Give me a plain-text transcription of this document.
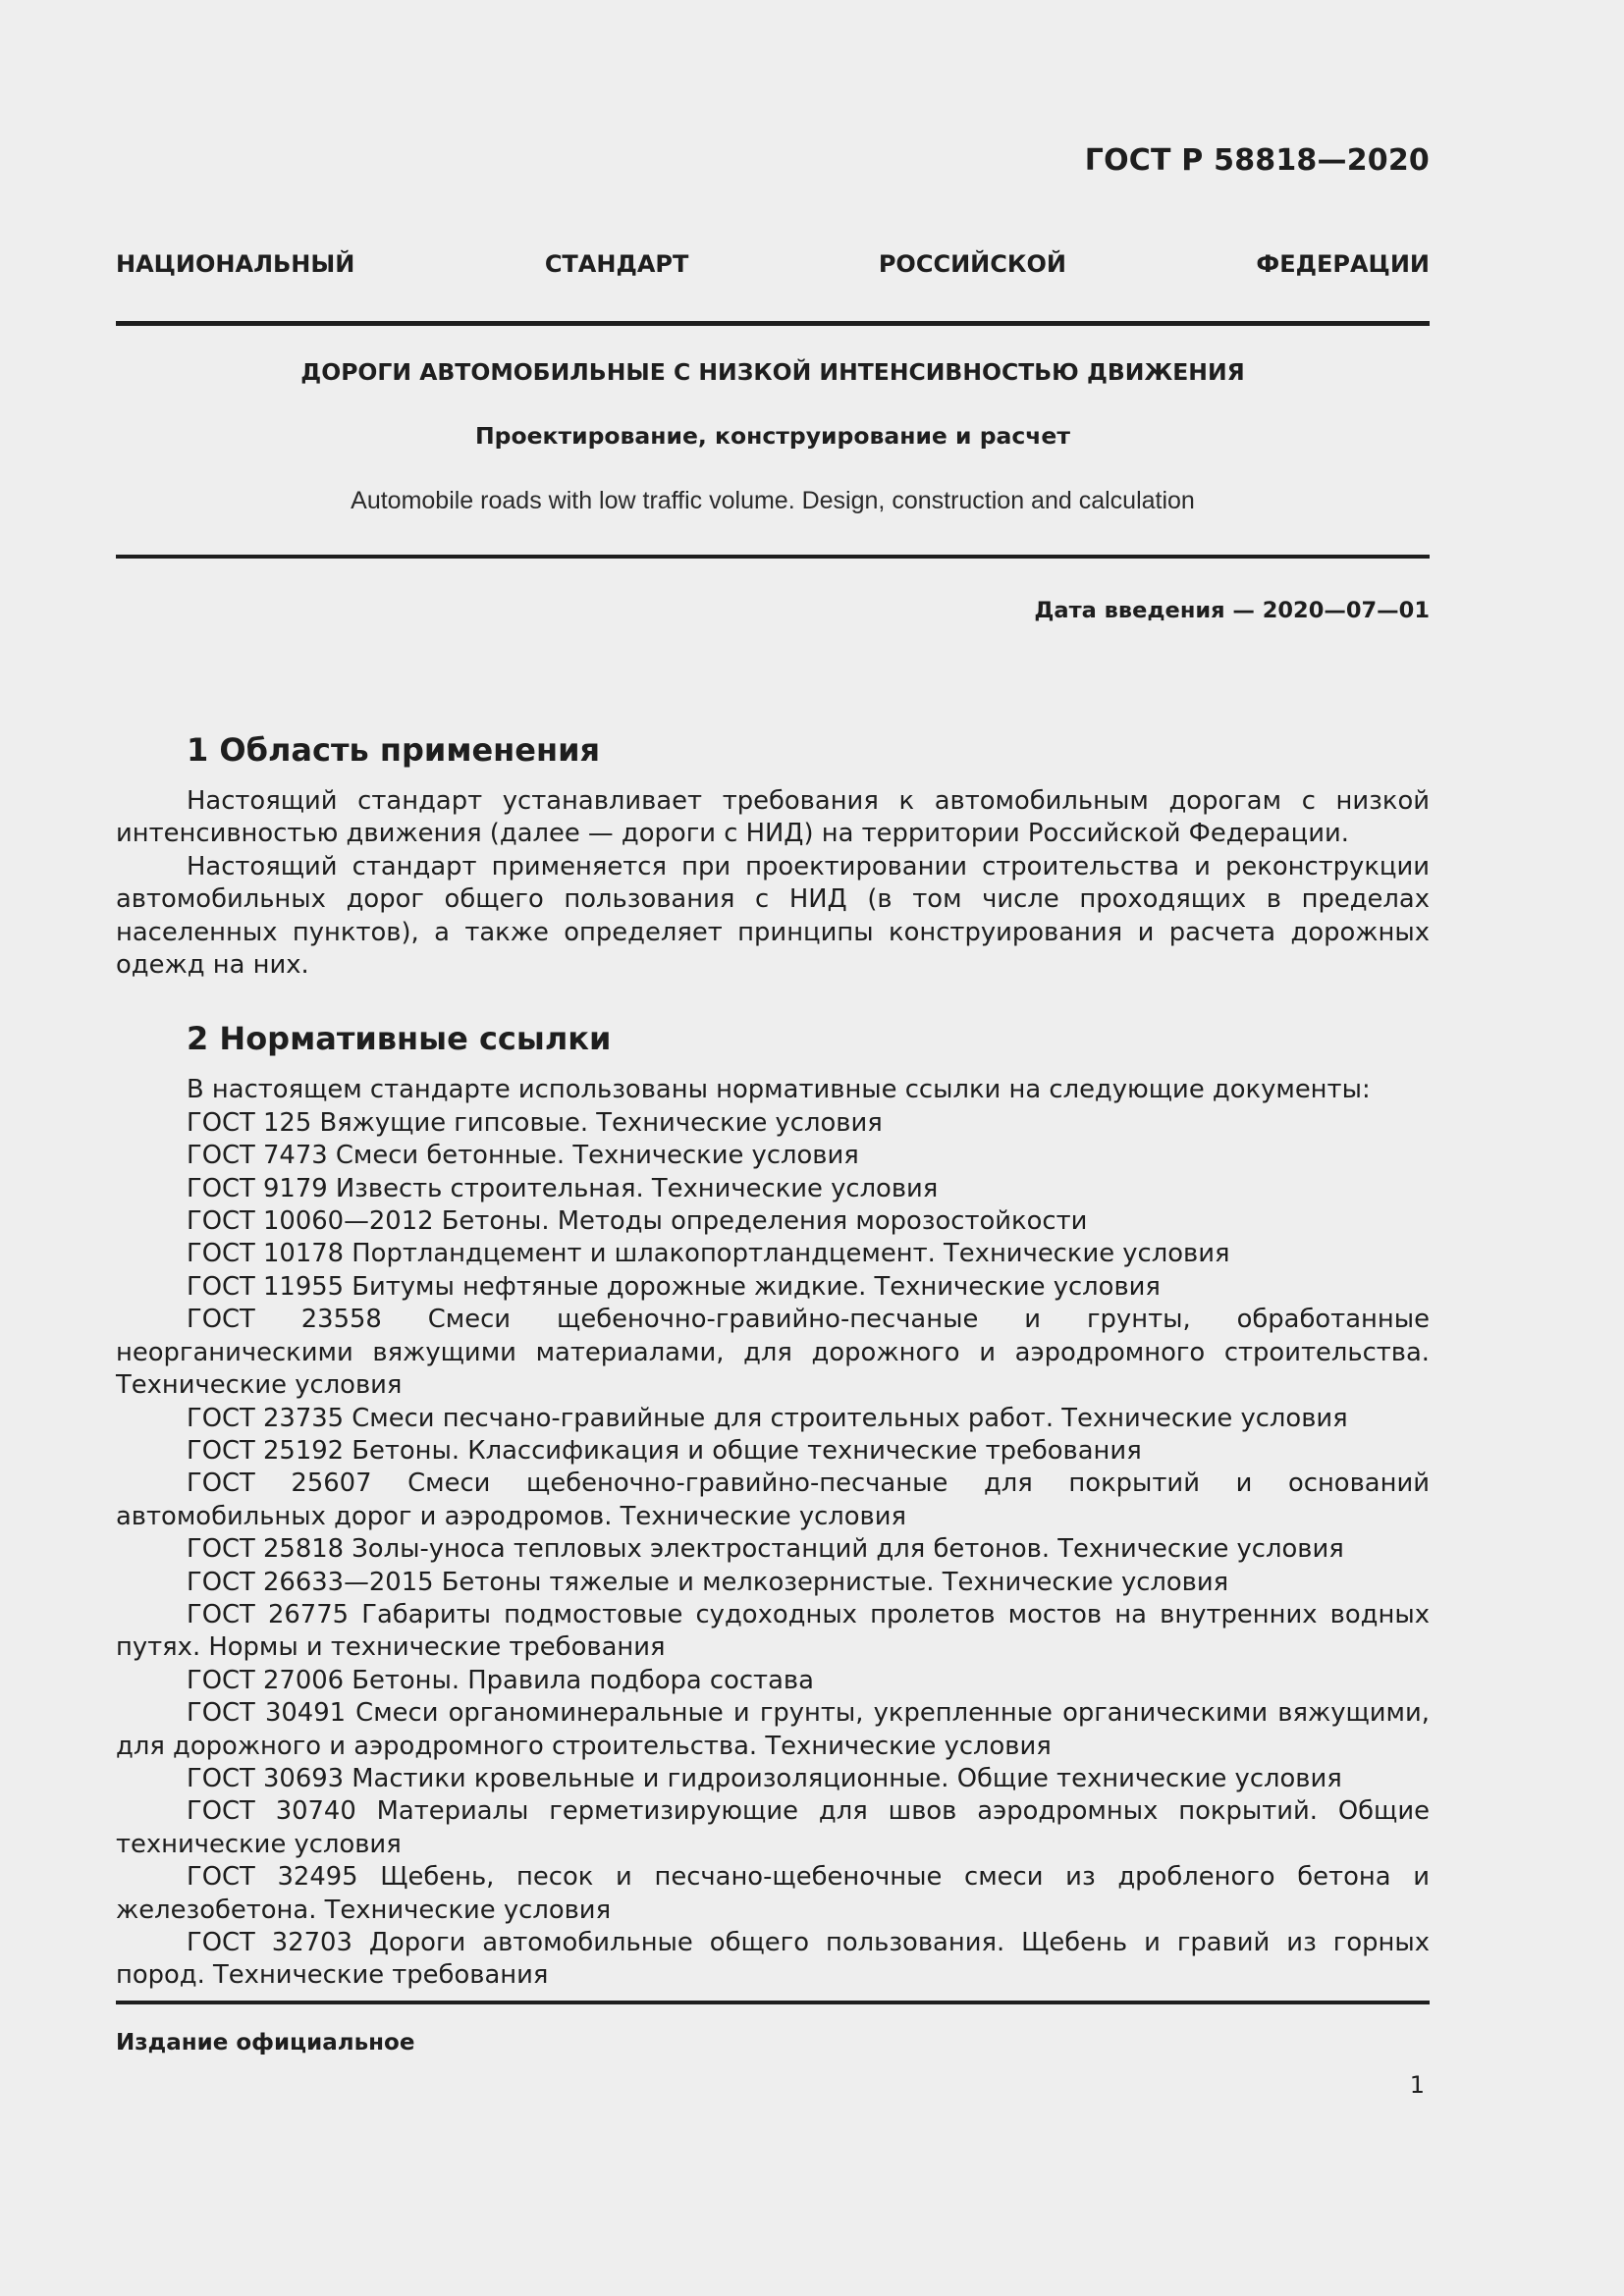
ГОСТ Р 58818—2020

НАЦИОНАЛЬНЫЙ СТАНДАРТ РОССИЙСКОЙ ФЕДЕРАЦИИ

ДОРОГИ АВТОМОБИЛЬНЫЕ С НИЗКОЙ ИНТЕНСИВНОСТЬЮ ДВИЖЕНИЯ

Проектирование, конструирование и расчет

Automobile roads with low traffic volume. Design, construction and calculation

Дата введения — 2020—07—01

1 Область применения

Настоящий стандарт устанавливает требования к автомобильным дорогам с низкой интенсивностью движения (далее — дороги с НИД) на территории Российской Федерации.

Настоящий стандарт применяется при проектировании строительства и реконструкции автомобильных дорог общего пользования с НИД (в том числе проходящих в пределах населенных пунктов), а также определяет принципы конструирования и расчета дорожных одежд на них.

2 Нормативные ссылки

В настоящем стандарте использованы нормативные ссылки на следующие документы:

ГОСТ 125 Вяжущие гипсовые. Технические условия

ГОСТ 7473 Смеси бетонные. Технические условия

ГОСТ 9179 Известь строительная. Технические условия

ГОСТ 10060—2012 Бетоны. Методы определения морозостойкости

ГОСТ 10178 Портландцемент и шлакопортландцемент. Технические условия

ГОСТ 11955 Битумы нефтяные дорожные жидкие. Технические условия

ГОСТ 23558 Смеси щебеночно-гравийно-песчаные и грунты, обработанные неорганическими вяжущими материалами, для дорожного и аэродромного строительства. Технические условия

ГОСТ 23735 Смеси песчано-гравийные для строительных работ. Технические условия

ГОСТ 25192 Бетоны. Классификация и общие технические требования

ГОСТ 25607 Смеси щебеночно-гравийно-песчаные для покрытий и оснований автомобильных дорог и аэродромов. Технические условия

ГОСТ 25818 Золы-уноса тепловых электростанций для бетонов. Технические условия

ГОСТ 26633—2015 Бетоны тяжелые и мелкозернистые. Технические условия

ГОСТ 26775 Габариты подмостовые судоходных пролетов мостов на внутренних водных путях. Нормы и технические требования

ГОСТ 27006 Бетоны. Правила подбора состава

ГОСТ 30491 Смеси органоминеральные и грунты, укрепленные органическими вяжущими, для дорожного и аэродромного строительства. Технические условия

ГОСТ 30693 Мастики кровельные и гидроизоляционные. Общие технические условия

ГОСТ 30740 Материалы герметизирующие для швов аэродромных покрытий. Общие технические условия

ГОСТ 32495 Щебень, песок и песчано-щебеночные смеси из дробленого бетона и железобетона. Технические условия

ГОСТ 32703 Дороги автомобильные общего пользования. Щебень и гравий из горных пород. Технические требования

Издание официальное

1
